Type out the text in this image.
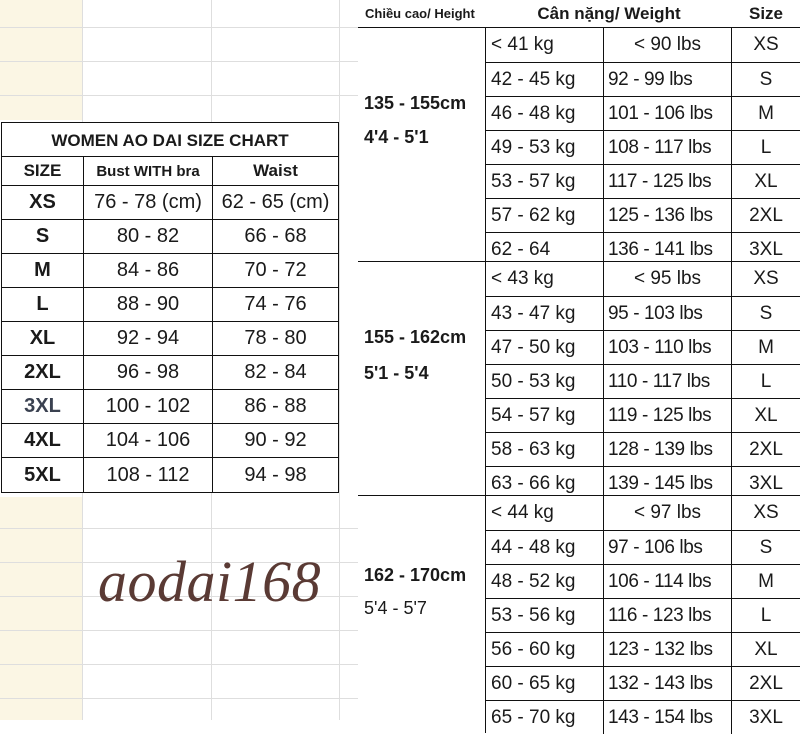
WOMEN AO DAI SIZE CHART
SIZE	Bust WITH bra	Waist
XS	76 - 78 (cm) 62 - 65 (cm)
S	80 - 82	66 - 68
M	84 - 86	70 - 72
L	88 - 90	74 - 76
XL	92 - 94	78 - 80
2XL	96 - 98	82 - 84
3XL	100 - 102	86 - 88
4XL	104 - 106	90 - 92
5XL	108 - 112	94 - 98
aodai168
Chiều cao/ Height	Cân nặng/ Weight	Size
135 - 155cm
4'4 - 5'1
< 41 kg	< 90 lbs	XS
42 - 45 kg	92 - 99 lbs	S
46 - 48 kg	101 - 106 lbs	M
49 - 53 kg	108 - 117 lbs	L
53 - 57 kg	117 - 125 lbs	XL
57 - 62 kg	125 - 136 lbs	2XL
62 - 64	136 - 141 lbs	3XL
155 - 162cm
5'1 - 5'4
< 43 kg	< 95 lbs	XS
43 - 47 kg	95 - 103 lbs	S
47 - 50 kg	103 - 110 lbs	M
50 - 53 kg	110 - 117 lbs	L
54 - 57 kg	119 - 125 lbs	XL
58 - 63 kg	128 - 139 lbs	2XL
63 - 66 kg	139 - 145 lbs	3XL
162 - 170cm
5'4 - 5'7
< 44 kg	< 97 lbs	XS
44 - 48 kg	97 - 106 lbs	S
48 - 52 kg	106 - 114 lbs	M
53 - 56 kg	116 - 123 lbs	L
56 - 60 kg	123 - 132 lbs	XL
60 - 65 kg	132 - 143 lbs	2XL
65 - 70 kg	143 - 154 lbs	3XL
